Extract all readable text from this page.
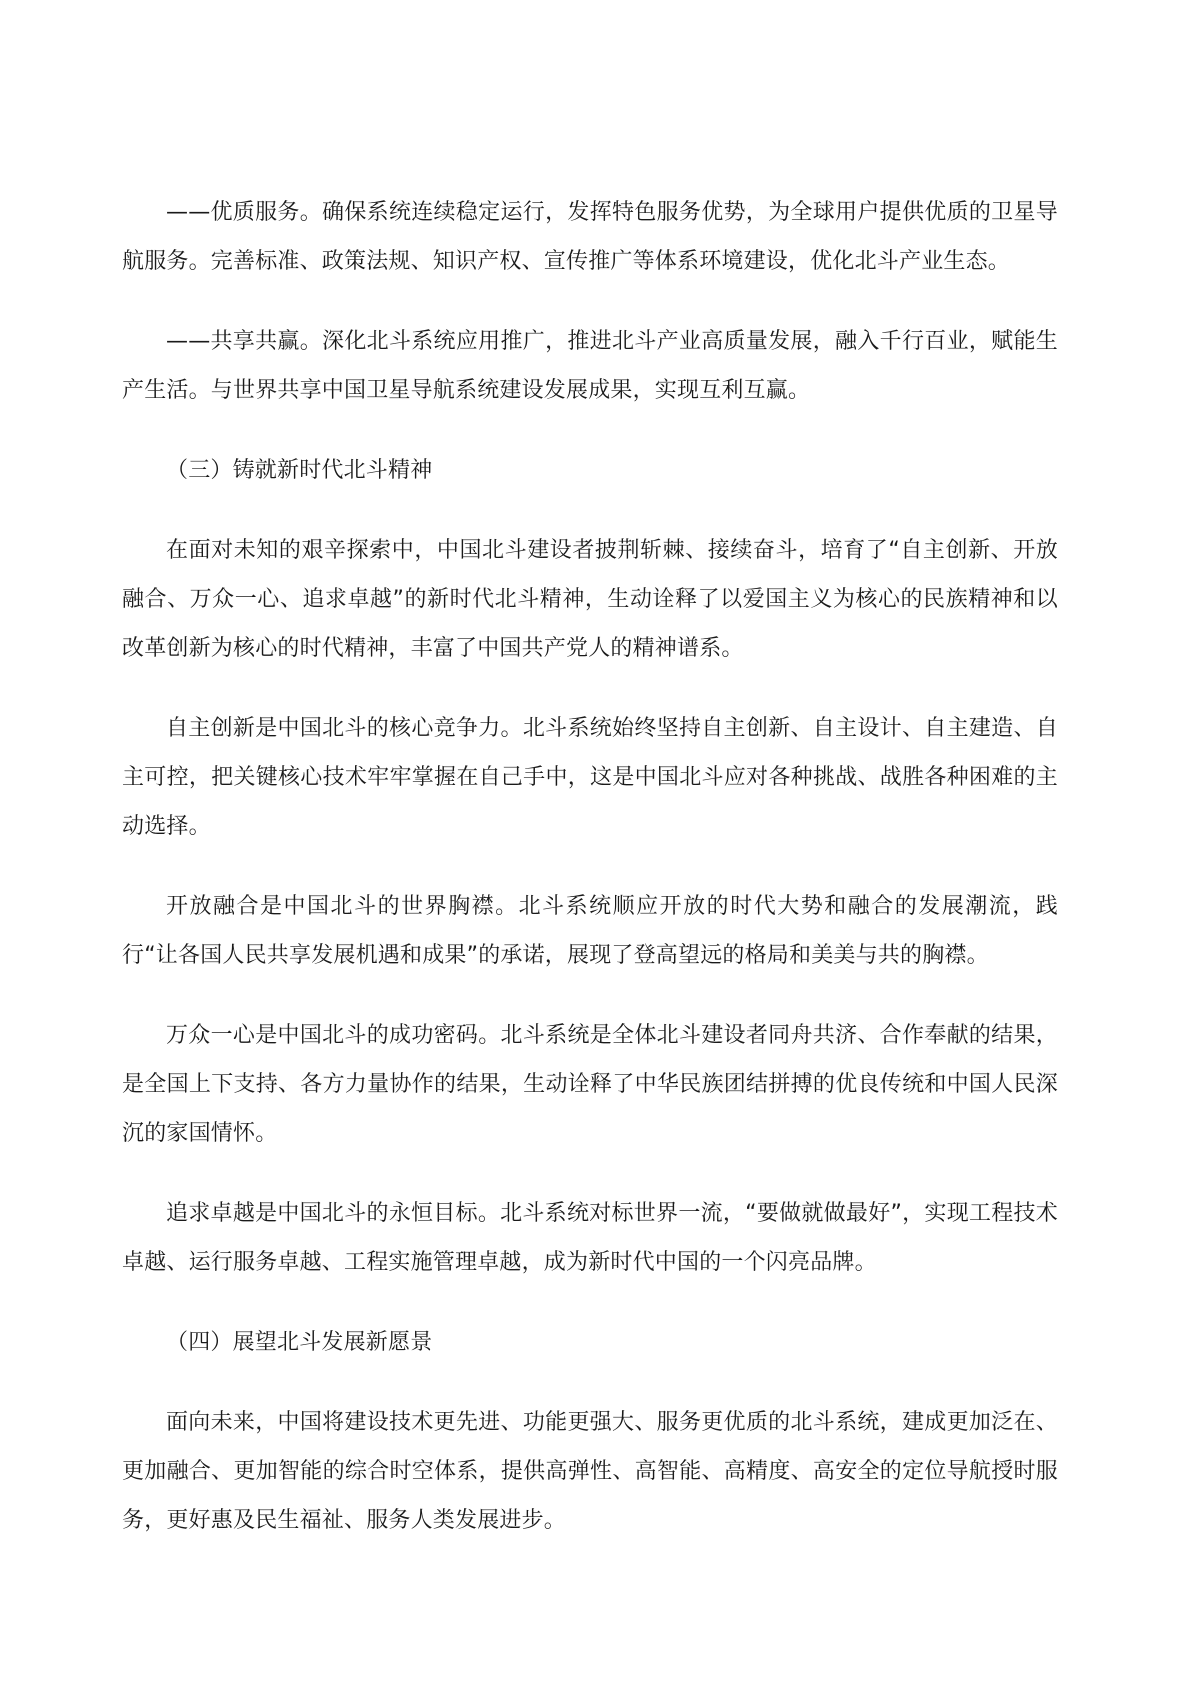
——优质服务。确保系统连续稳定运行，发挥特色服务优势，为全球用户提供优质的卫星导航服务。完善标准、政策法规、知识产权、宣传推广等体系环境建设，优化北斗产业生态。

——共享共赢。深化北斗系统应用推广，推进北斗产业高质量发展，融入千行百业，赋能生产生活。与世界共享中国卫星导航系统建设发展成果，实现互利互赢。

（三）铸就新时代北斗精神

在面对未知的艰辛探索中，中国北斗建设者披荆斩棘、接续奋斗，培育了“自主创新、开放融合、万众一心、追求卓越”的新时代北斗精神，生动诠释了以爱国主义为核心的民族精神和以改革创新为核心的时代精神，丰富了中国共产党人的精神谱系。

自主创新是中国北斗的核心竞争力。北斗系统始终坚持自主创新、自主设计、自主建造、自主可控，把关键核心技术牢牢掌握在自己手中，这是中国北斗应对各种挑战、战胜各种困难的主动选择。

开放融合是中国北斗的世界胸襟。北斗系统顺应开放的时代大势和融合的发展潮流，践行“让各国人民共享发展机遇和成果”的承诺，展现了登高望远的格局和美美与共的胸襟。

万众一心是中国北斗的成功密码。北斗系统是全体北斗建设者同舟共济、合作奉献的结果，是全国上下支持、各方力量协作的结果，生动诠释了中华民族团结拼搏的优良传统和中国人民深沉的家国情怀。

追求卓越是中国北斗的永恒目标。北斗系统对标世界一流，“要做就做最好”，实现工程技术卓越、运行服务卓越、工程实施管理卓越，成为新时代中国的一个闪亮品牌。

（四）展望北斗发展新愿景

面向未来，中国将建设技术更先进、功能更强大、服务更优质的北斗系统，建成更加泛在、更加融合、更加智能的综合时空体系，提供高弹性、高智能、高精度、高安全的定位导航授时服务，更好惠及民生福祉、服务人类发展进步。
